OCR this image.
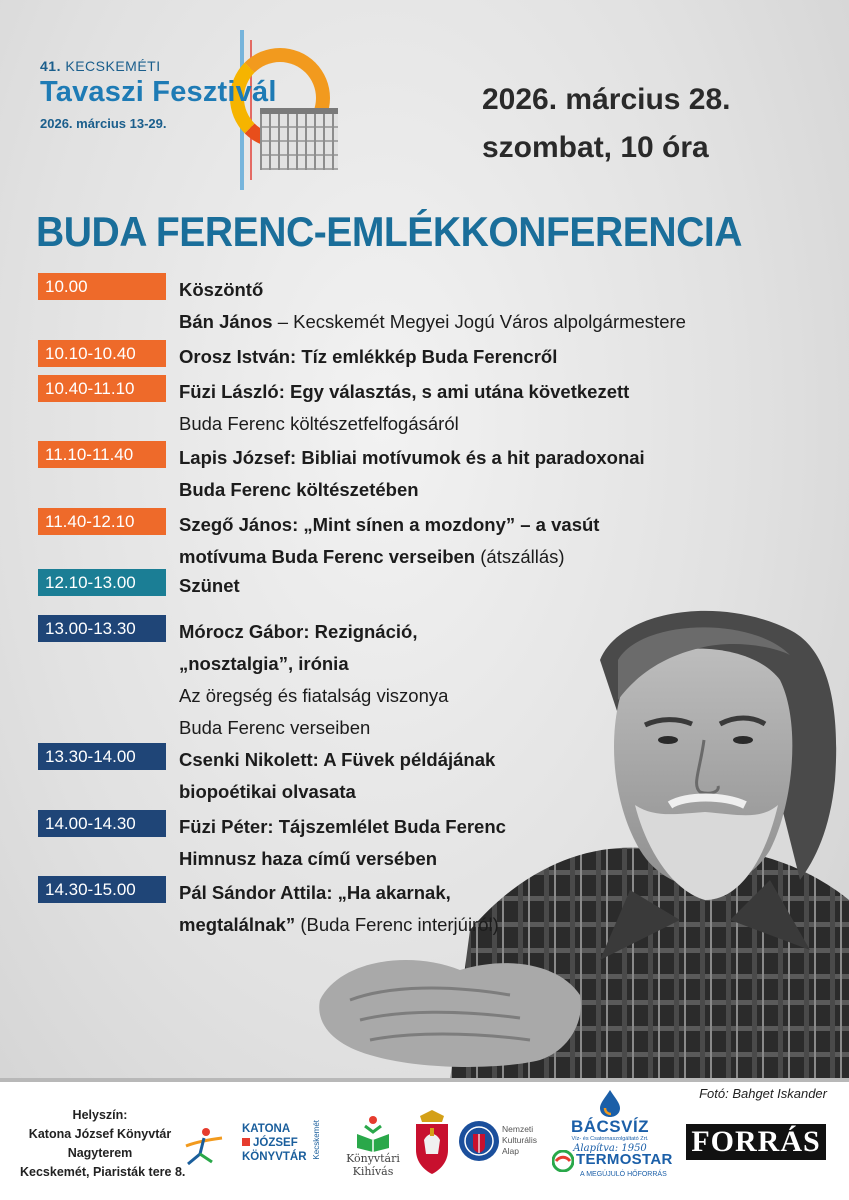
41. KECSKEMÉTI
Tavaszi Fesztivál
2026. március 13-29.
2026. március 28.
szombat, 10 óra
BUDA FERENC-EMLÉKKONFERENCIA
10.00	Köszöntő
Bán János – Kecskemét Megyei Jogú Város alpolgármestere
10.10-10.40	Orosz István: Tíz emlékkép Buda Ferencről
10.40-11.10	Füzi László: Egy választás, s ami utána következett
Buda Ferenc költészetfelfogásáról
11.10-11.40	Lapis József: Bibliai motívumok és a hit paradoxonai
Buda Ferenc költészetében
11.40-12.10	Szegő János: „Mint sínen a mozdony” – a vasút
motívuma Buda Ferenc verseiben (átszállás)
12.10-13.00	Szünet
13.00-13.30	Mórocz Gábor: Rezignáció,
„nosztalgia”, irónia
Az öregség és fiatalság viszonya
Buda Ferenc verseiben
13.30-14.00	Csenki Nikolett: A Füvek példájának
biopoétikai olvasata
14.00-14.30	Füzi Péter: Tájszemlélet Buda Ferenc
Himnusz haza című versében
14.30-15.00	Pál Sándor Attila: „Ha akarnak,
megtalálnak” (Buda Ferenc interjúiról)
Fotó: Bahget Iskander
Helyszín:
Katona József Könyvtár
Nagyterem
Kecskemét, Piaristák tere 8.
KATONA
JÓZSEF
KÖNYVTÁR Kecskemét	Könyvtári
Kihívás
Nemzeti
Kulturális
Alap
BÁCSVÍZ
Víz- és Csatornaszolgáltató Zrt.
Alapítva: 1950
TERMOSTAR
A MEGÚJULÓ HŐFORRÁS
FORRÁS
